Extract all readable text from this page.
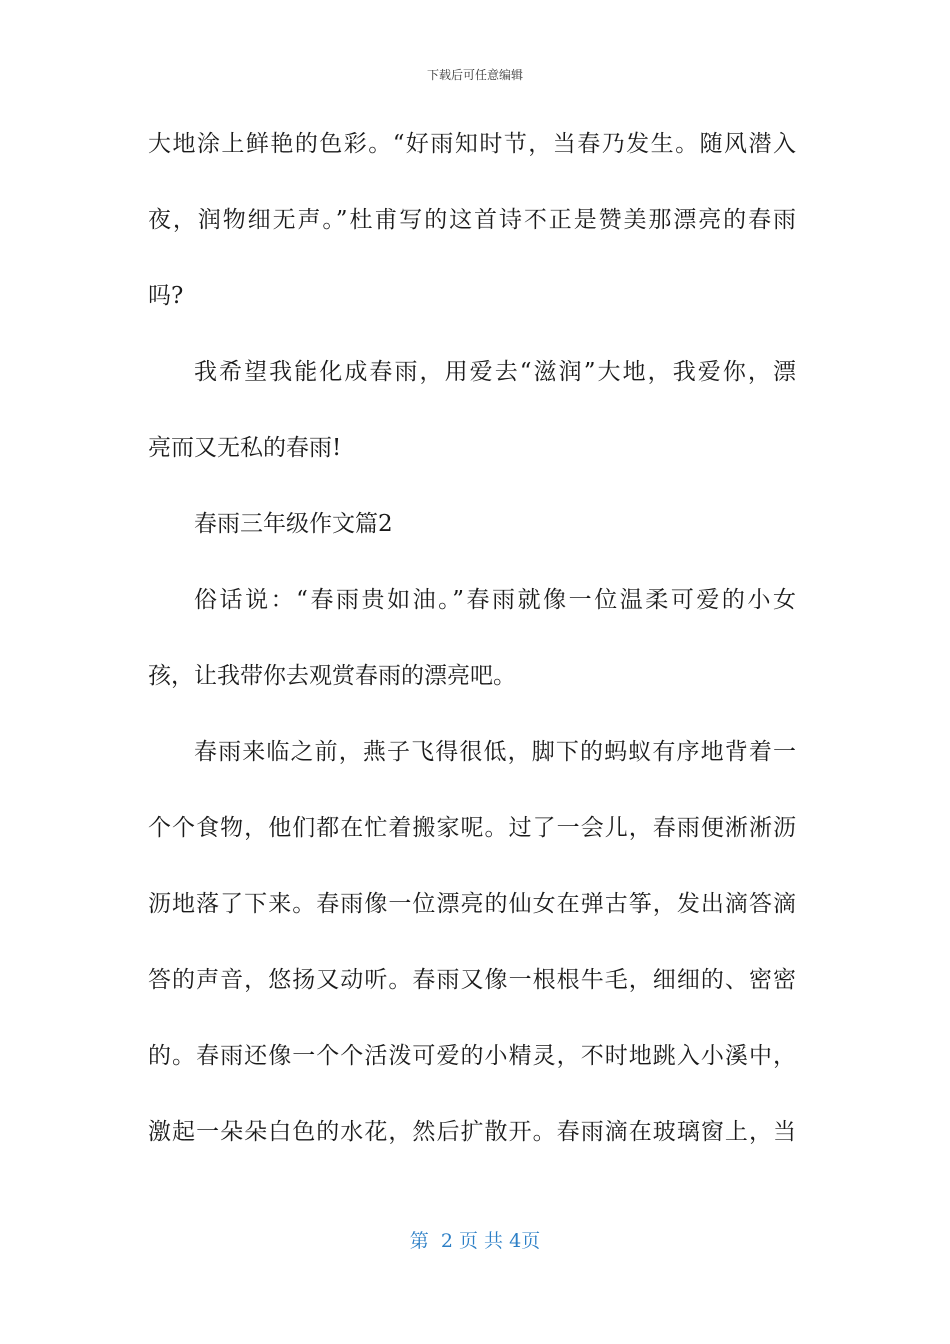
下载后可任意编辑
大地涂上鲜艳的色彩。“好雨知时节，当春乃发生。随风潜入
夜，润物细无声。”杜甫写的这首诗不正是赞美那漂亮的春雨
吗?
我希望我能化成春雨，用爱去“滋润”大地，我爱你，漂
亮而又无私的春雨!
春雨三年级作文篇2
俗话说：“春雨贵如油。”春雨就像一位温柔可爱的小女
孩，让我带你去观赏春雨的漂亮吧。
春雨来临之前，燕子飞得很低，脚下的蚂蚁有序地背着一
个个食物，他们都在忙着搬家呢。过了一会儿，春雨便淅淅沥
沥地落了下来。春雨像一位漂亮的仙女在弹古筝，发出滴答滴
答的声音，悠扬又动听。春雨又像一根根牛毛，细细的、密密
的。春雨还像一个个活泼可爱的小精灵，不时地跳入小溪中，
激起一朵朵白色的水花，然后扩散开。春雨滴在玻璃窗上，当
第 2 页 共 4页
